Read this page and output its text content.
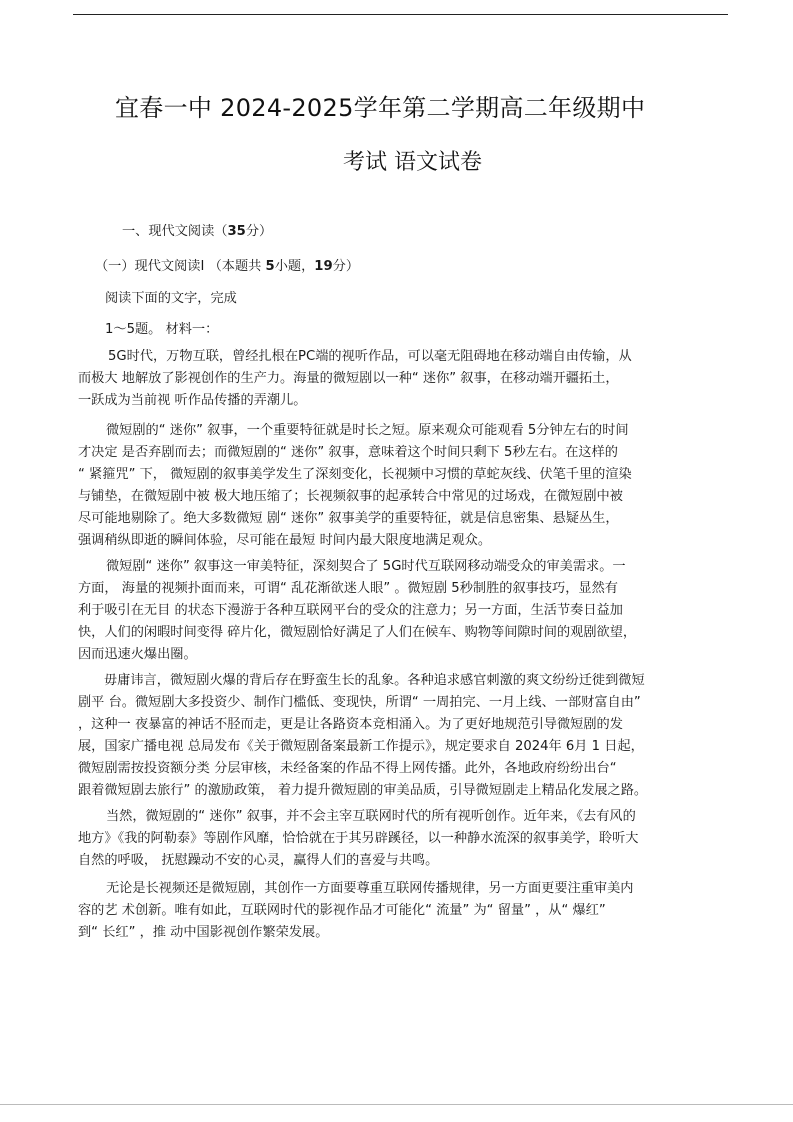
宜春一中 2024-2025学年第二学期高二年级期中
考试 语文试卷
一、现代文阅读（35分）
（一）现代文阅读Ⅰ （本题共 5小题，19分）
阅读下面的文字，完成
1～5题。 材料一：
5G时代，万物互联，曾经扎根在PC端的视听作品，可以毫无阻碍地在移动端自由传输，从
而极大 地解放了影视创作的生产力。海量的微短剧以一种“ 迷你” 叙事，在移动端开疆拓土，
一跃成为当前视 听作品传播的弄潮儿。
微短剧的“ 迷你” 叙事，一个重要特征就是时长之短。原来观众可能观看 5分钟左右的时间
才决定 是否弃剧而去；而微短剧的“ 迷你” 叙事，意味着这个时间只剩下 5秒左右。在这样的
“ 紧箍咒” 下， 微短剧的叙事美学发生了深刻变化，长视频中习惯的草蛇灰线、伏笔千里的渲染
与铺垫，在微短剧中被 极大地压缩了；长视频叙事的起承转合中常见的过场戏，在微短剧中被
尽可能地剔除了。绝大多数微短 剧“ 迷你” 叙事美学的重要特征，就是信息密集、悬疑丛生，
强调稍纵即逝的瞬间体验，尽可能在最短 时间内最大限度地满足观众。
微短剧“ 迷你” 叙事这一审美特征，深刻契合了 5G时代互联网移动端受众的审美需求。一
方面， 海量的视频扑面而来，可谓“ 乱花渐欲迷人眼” 。微短剧 5秒制胜的叙事技巧，显然有
利于吸引在无目 的状态下漫游于各种互联网平台的受众的注意力；另一方面，生活节奏日益加
快，人们的闲暇时间变得 碎片化，微短剧恰好满足了人们在候车、购物等间隙时间的观剧欲望，
因而迅速火爆出圈。
毋庸讳言，微短剧火爆的背后存在野蛮生长的乱象。各种追求感官刺激的爽文纷纷迁徙到微短
剧平 台。微短剧大多投资少、制作门槛低、变现快，所谓“ 一周拍完、一月上线、一部财富自由”
，这种一 夜暴富的神话不胫而走，更是让各路资本竞相涌入。为了更好地规范引导微短剧的发
展，国家广播电视 总局发布《关于微短剧备案最新工作提示》，规定要求自 2024年 6月 1 日起，
微短剧需按投资额分类 分层审核，未经备案的作品不得上网传播。此外，各地政府纷纷出台“
跟着微短剧去旅行” 的激励政策， 着力提升微短剧的审美品质，引导微短剧走上精品化发展之路。
当然，微短剧的“ 迷你” 叙事，并不会主宰互联网时代的所有视听创作。近年来，《去有风的
地方》《我的阿勒泰》等剧作风靡，恰恰就在于其另辟蹊径，以一种静水流深的叙事美学，聆听大
自然的呼吸， 抚慰躁动不安的心灵，赢得人们的喜爱与共鸣。
无论是长视频还是微短剧，其创作一方面要尊重互联网传播规律，另一方面更要注重审美内
容的艺 术创新。唯有如此，互联网时代的影视作品才可能化“ 流量” 为“ 留量” ，从“ 爆红”
到“ 长红” ，推 动中国影视创作繁荣发展。
